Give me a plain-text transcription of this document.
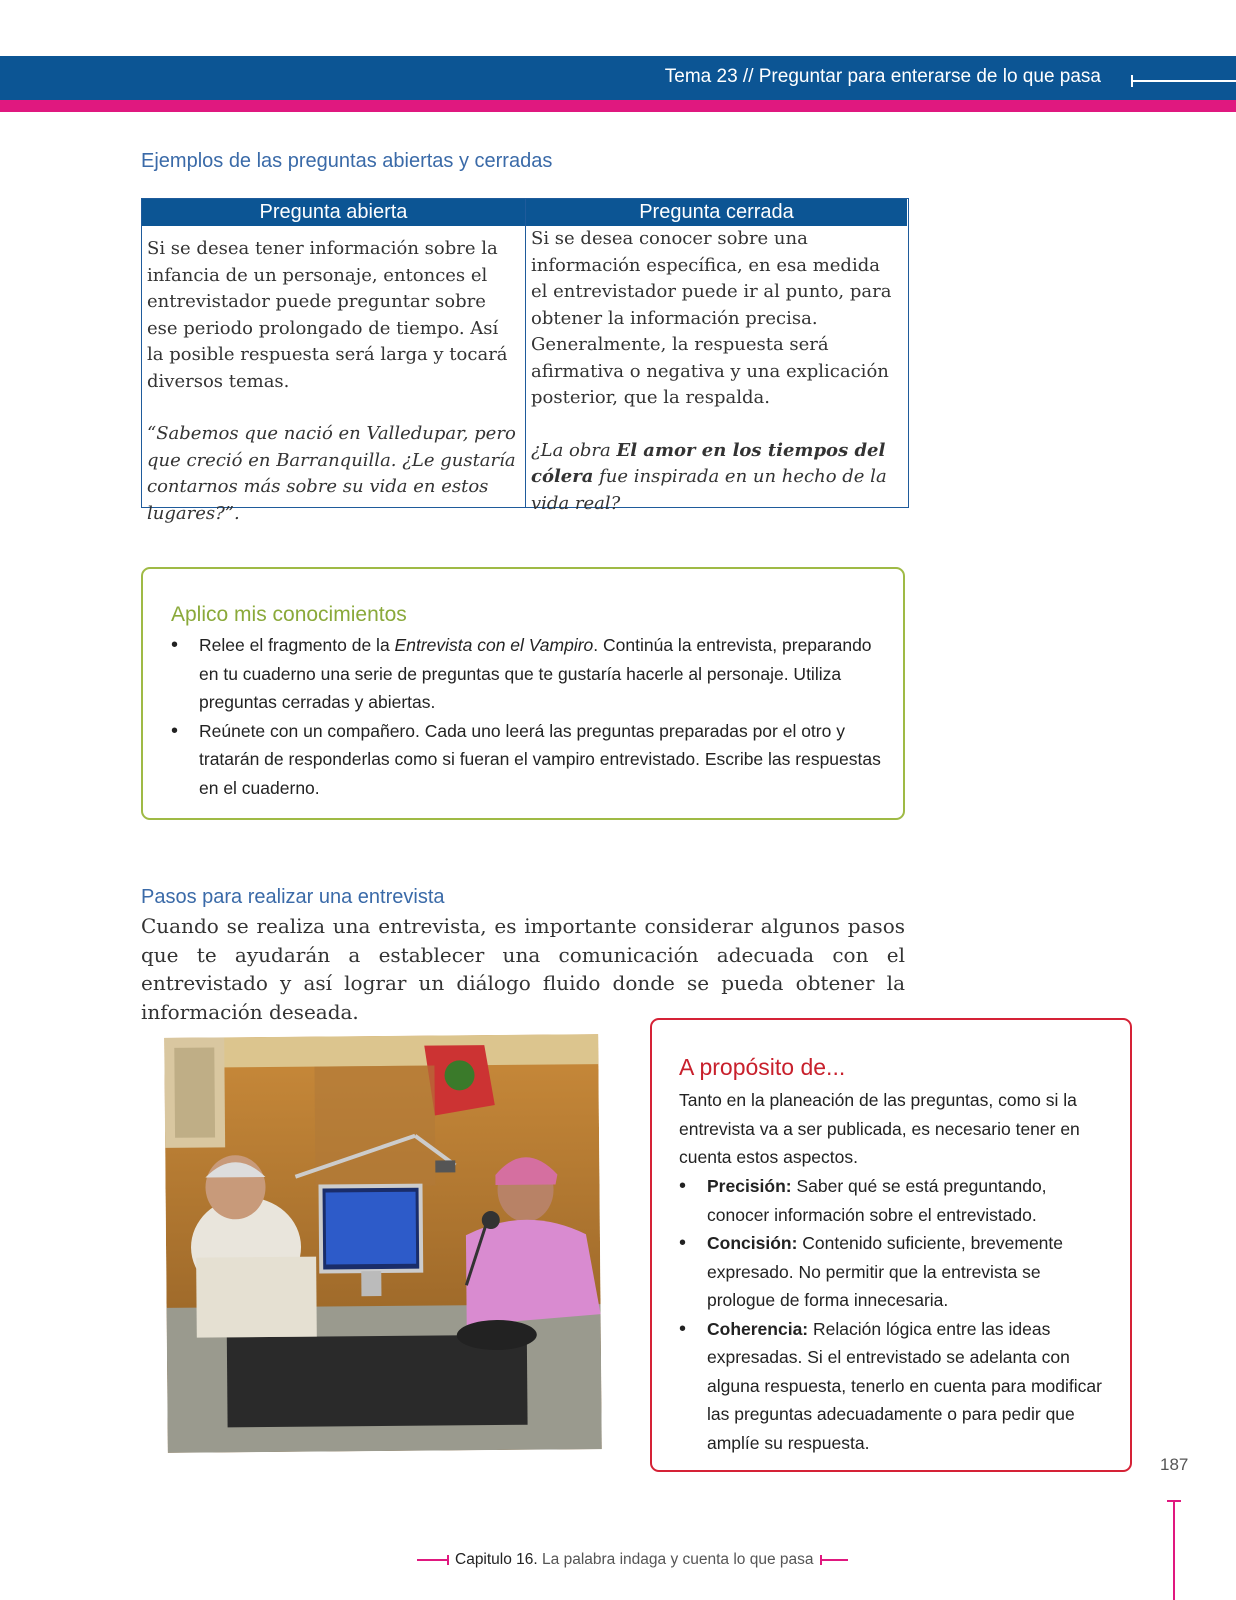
Tema 23 // Preguntar para enterarse de lo que pasa
Ejemplos de las preguntas abiertas y cerradas
Pregunta abierta

Si se desea tener información sobre la infancia de un personaje, entonces el entrevistador puede preguntar sobre ese periodo prolongado de tiempo. Así la posible respuesta será larga y tocará diversos temas.

“Sabemos que nació en Valledupar, pero que creció en Barranquilla. ¿Le gustaría contarnos más sobre su vida en estos lugares?”.

Pregunta cerrada

Si se desea conocer sobre una información específica, en esa medida el entrevistador puede ir al punto, para obtener la información precisa. Generalmente, la respuesta será afirmativa o negativa y una explicación posterior, que la respalda.

¿La obra El amor en los tiempos del cólera fue inspirada en un hecho de la vida real?

Aplico mis conocimientos
• Relee el fragmento de la Entrevista con el Vampiro. Continúa la entrevista, preparando en tu cuaderno una serie de preguntas que te gustaría hacerle al personaje. Utiliza preguntas cerradas y abiertas.
• Reúnete con un compañero. Cada uno leerá las preguntas preparadas por el otro y tratarán de responderlas como si fueran el vampiro entrevistado. Escribe las respuestas en el cuaderno.
Pasos para realizar una entrevista
Cuando se realiza una entrevista, es importante considerar algunos pasos que te ayudarán a establecer una comunicación adecuada con el entrevistado y así lograr un diálogo fluido donde se pueda obtener la información deseada.
A propósito de...
Tanto en la planeación de las preguntas, como si la entrevista va a ser publicada, es necesario tener en cuenta estos aspectos.
• Precisión: Saber qué se está preguntando, conocer información sobre el entrevistado.
• Concisión: Contenido suficiente, brevemente expresado. No permitir que la entrevista se prologue de forma innecesaria.
• Coherencia: Relación lógica entre las ideas expresadas. Si el entrevistado se adelanta con alguna respuesta, tenerlo en cuenta para modificar las preguntas adecuadamente o para pedir que amplíe su respuesta.
187
Capitulo 16. La palabra indaga y cuenta lo que pasa
